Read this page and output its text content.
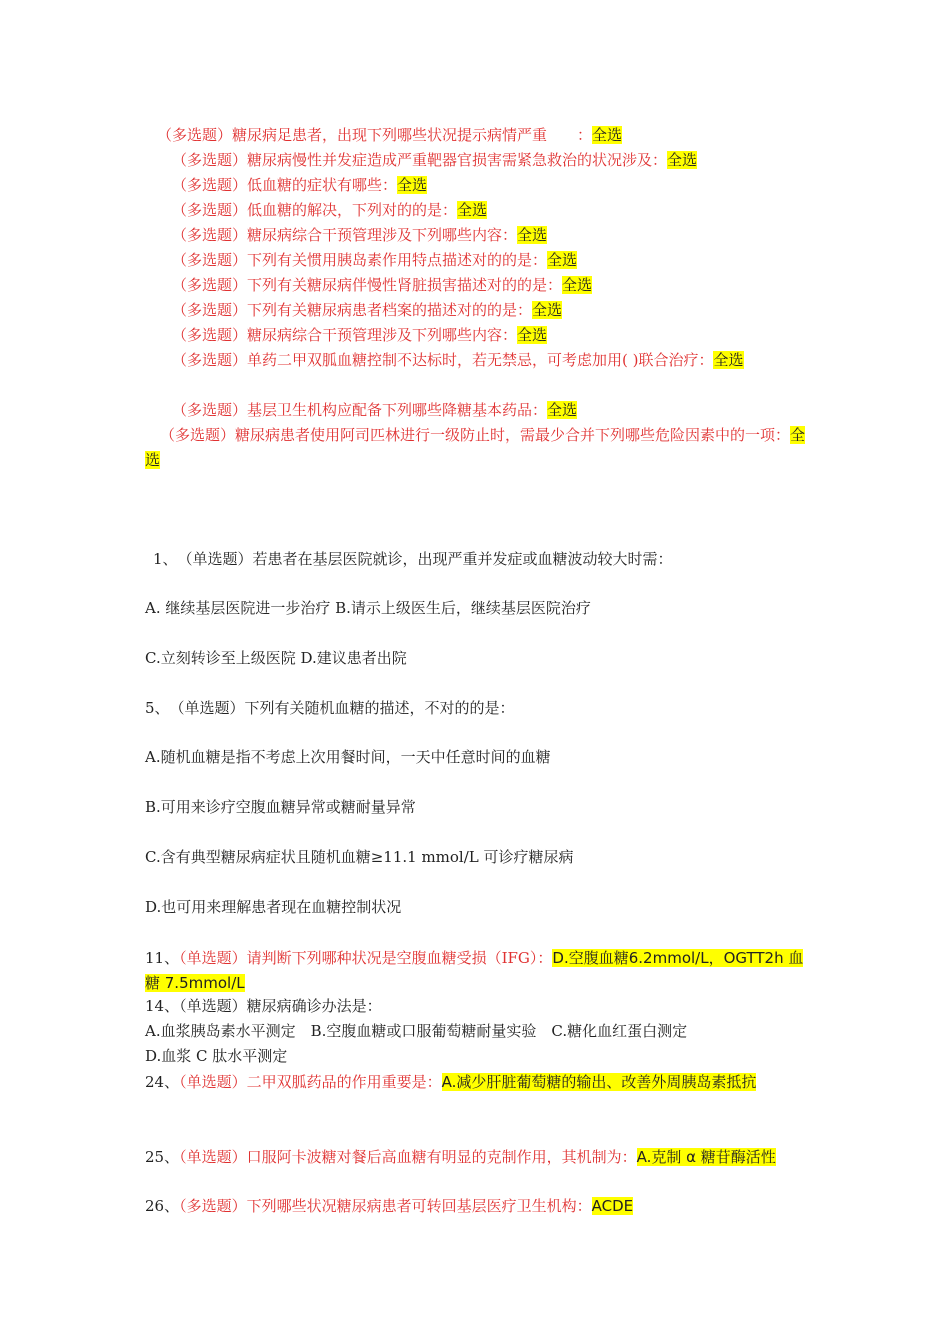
（多选题）糖尿病足患者，出现下列哪些状况提示病情严重　　：全选
（多选题）糖尿病慢性并发症造成严重靶器官损害需紧急救治的状况涉及：全选
（多选题）低血糖的症状有哪些：全选
（多选题）低血糖的解决，下列对的的是：全选
（多选题）糖尿病综合干预管理涉及下列哪些内容：全选
（多选题）下列有关惯用胰岛素作用特点描述对的的是：全选
（多选题）下列有关糖尿病伴慢性肾脏损害描述对的的是：全选
（多选题）下列有关糖尿病患者档案的描述对的的是：全选
（多选题）糖尿病综合干预管理涉及下列哪些内容：全选
（多选题）单药二甲双胍血糖控制不达标时，若无禁忌，可考虑加用( )联合治疗：全选
（多选题）基层卫生机构应配备下列哪些降糖基本药品：全选
（多选题）糖尿病患者使用阿司匹林进行一级防止时，需最少合并下列哪些危险因素中的一项：全选
1、　（单选题）若患者在基层医院就诊，出现严重并发症或血糖波动较大时需：
A. 继续基层医院进一步治疗 B.请示上级医生后，继续基层医院治疗
C.立刻转诊至上级医院 D.建议患者出院
5、　（单选题）下列有关随机血糖的描述，不对的的是：
A.随机血糖是指不考虑上次用餐时间，一天中任意时间的血糖
B.可用来诊疗空腹血糖异常或糖耐量异常
C.含有典型糖尿病症状且随机血糖≥11.1 mmol/L 可诊疗糖尿病
D.也可用来理解患者现在血糖控制状况
11、（单选题）请判断下列哪种状况是空腹血糖受损（IFG）：D.空腹血糖6.2mmol/L，OGTT2h 血糖 7.5mmol/L
14、（单选题）糖尿病确诊办法是：
A.血浆胰岛素水平测定　B.空腹血糖或口服葡萄糖耐量实验　C.糖化血红蛋白测定
D.血浆 C 肽水平测定
24、（单选题）二甲双胍药品的作用重要是：A.减少肝脏葡萄糖的输出、改善外周胰岛素抵抗
25、（单选题）口服阿卡波糖对餐后高血糖有明显的克制作用，其机制为：A.克制 α 糖苷酶活性
26、（多选题）下列哪些状况糖尿病患者可转回基层医疗卫生机构：ACDE
